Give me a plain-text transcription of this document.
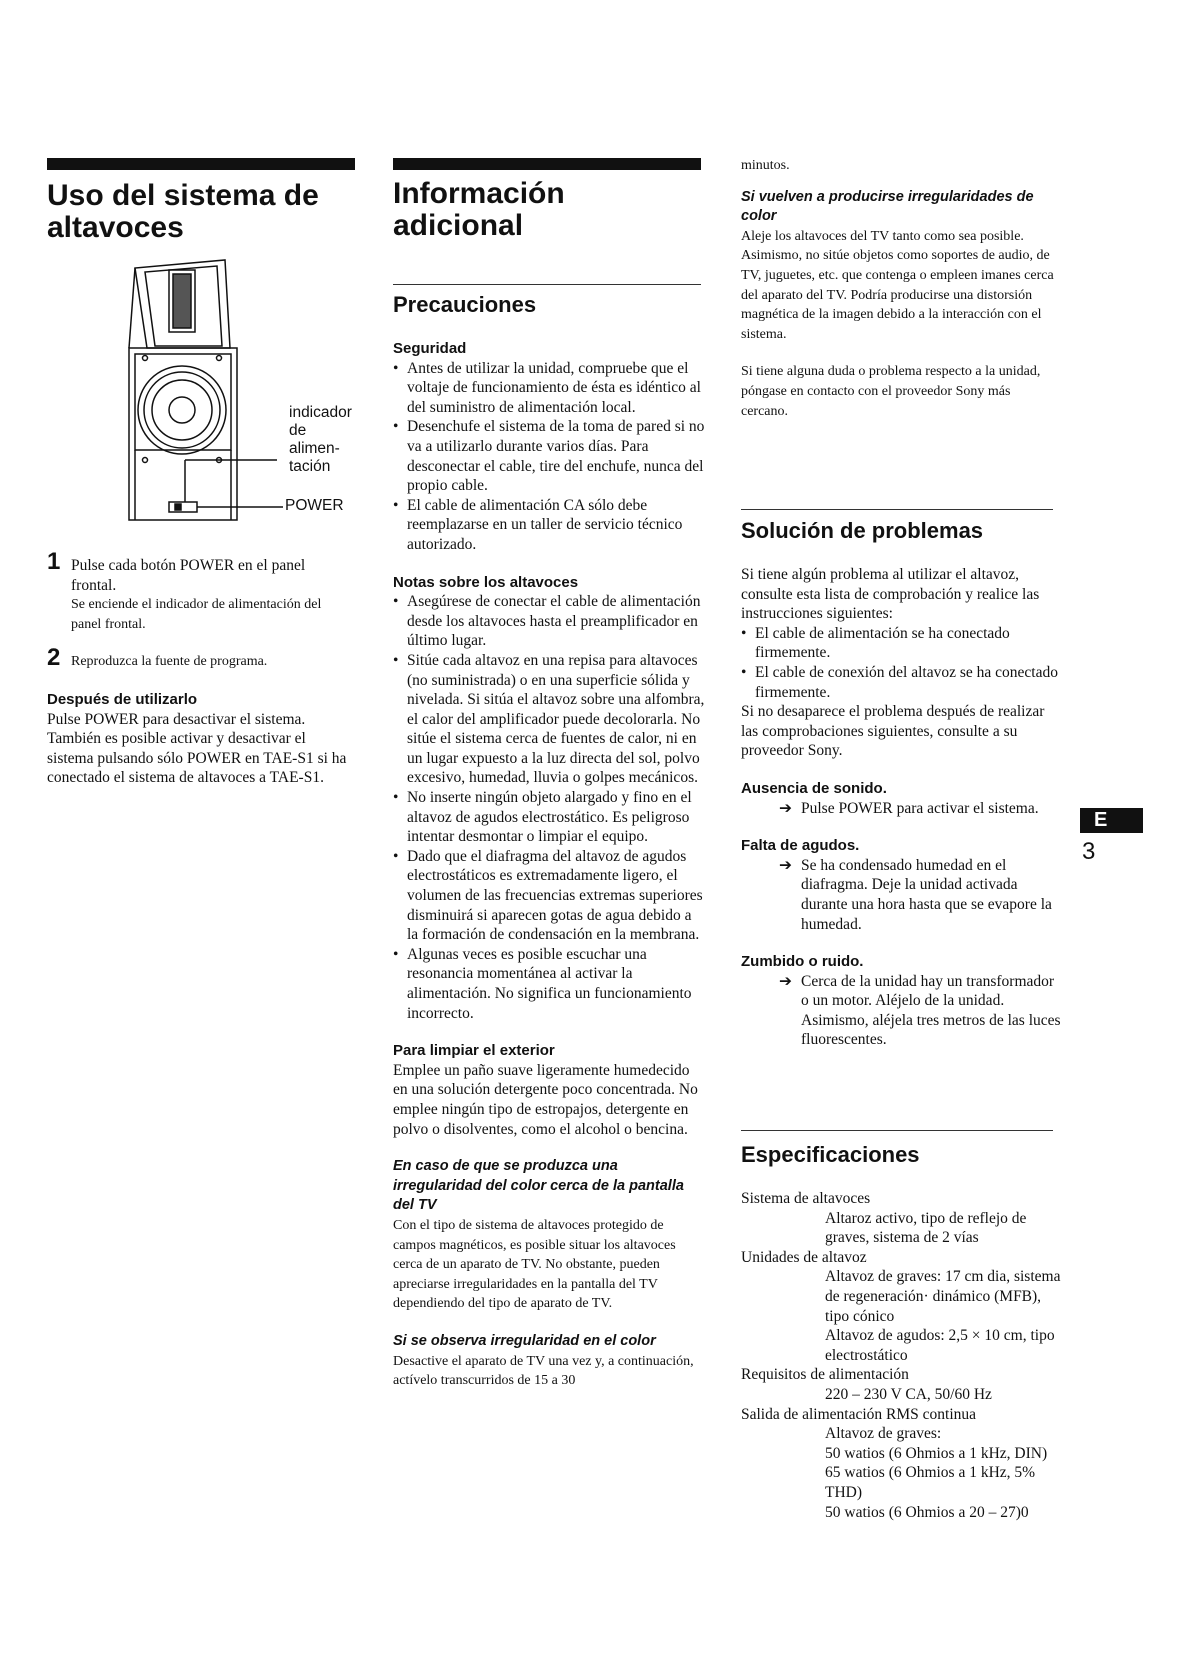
Uso del sistema de
altavoces
indicador
de
alimen-
tación
POWER
1 Pulse cada botón POWER en el panel frontal.

Se enciende el indicador de alimentación del panel frontal.

2 Reproduzca la fuente de programa.

Después de utilizarlo

Pulse POWER para desactivar el sistema. También es posible activar y desactivar el sistema pulsando sólo POWER en TAE-S1 si ha conectado el sistema de altavoces a TAE-S1.

Información
adicional
Precauciones

Seguridad

• Antes de utilizar la unidad, compruebe que el voltaje de funcionamiento de ésta es idéntico al del suministro de alimentación local.
• Desenchufe el sistema de la toma de pared si no va a utilizarlo durante varios días. Para desconectar el cable, tire del enchufe, nunca del propio cable.
• El cable de alimentación CA sólo debe reemplazarse en un taller de servicio técnico autorizado.

Notas sobre los altavoces

• Asegúrese de conectar el cable de alimentación desde los altavoces hasta el preamplificador en último lugar.
• Sitúe cada altavoz en una repisa para altavoces (no suministrada) o en una superficie sólida y nivelada. Si sitúa el altavoz sobre una alfombra, el calor del amplificador puede decolorarla. No sitúe el sistema cerca de fuentes de calor, ni en un lugar expuesto a la luz directa del sol, polvo excesivo, humedad, lluvia o golpes mecánicos.
• No inserte ningún objeto alargado y fino en el altavoz de agudos electrostático. Es peligroso intentar desmontar o limpiar el equipo.
• Dado que el diafragma del altavoz de agudos electrostáticos es extremadamente ligero, el volumen de las frecuencias extremas superiores disminuirá si aparecen gotas de agua debido a la formación de condensación en la membrana.
• Algunas veces es posible escuchar una resonancia momentánea al activar la alimentación. No significa un funcionamiento incorrecto.

Para limpiar el exterior

Emplee un paño suave ligeramente humedecido en una solución detergente poco concentrada. No emplee ningún tipo de estropajos, detergente en polvo o disolventes, como el alcohol o bencina.

En caso de que se produzca una irregularidad del color cerca de la pantalla del TV

Con el tipo de sistema de altavoces protegido de campos magnéticos, es posible situar los altavoces cerca de un aparato de TV. No obstante, pueden apreciarse irregularidades en la pantalla del TV dependiendo del tipo de aparato de TV.

Si se observa irregularidad en el color

Desactive el aparato de TV una vez y, a continuación, actívelo transcurridos de 15 a 30

minutos.

Si vuelven a producirse irregularidades de color

Aleje los altavoces del TV tanto como sea posible.

Asimismo, no sitúe objetos como soportes de audio, de TV, juguetes, etc. que contenga o empleen imanes cerca del aparato del TV. Podría producirse una distorsión magnética de la imagen debido a la interacción con el sistema.

Si tiene alguna duda o problema respecto a la unidad, póngase en contacto con el proveedor Sony más cercano.

Solución de problemas

Si tiene algún problema al utilizar el altavoz, consulte esta lista de comprobación y realice las instrucciones siguientes:

• El cable de alimentación se ha conectado firmemente.
• El cable de conexión del altavoz se ha conectado firmemente.

Si no desaparece el problema después de realizar las comprobaciones siguientes, consulte a su proveedor Sony.

Ausencia de sonido.

➔ Pulse POWER para activar el sistema.

Falta de agudos.

➔ Se ha condensado humedad en el diafragma. Deje la unidad activada durante una hora hasta que se evapore la humedad.

Zumbido o ruido.

➔ Cerca de la unidad hay un transformador o un motor. Aléjelo de la unidad. Asimismo, aléjela tres metros de las luces fluorescentes.
Especificaciones

Sistema de altavoces

Altaroz activo, tipo de reflejo de graves, sistema de 2 vías

Unidades de altavoz

Altavoz de graves: 17 cm dia, sistema de regeneración· dinámico (MFB), tipo cónico

Altavoz de agudos: 2,5 × 10 cm, tipo electrostático

Requisitos de alimentación

220 – 230 V CA, 50/60 Hz

Salida de alimentación RMS continua

Altavoz de graves:

50 watios (6 Ohmios a 1 kHz, DIN)

65 watios (6 Ohmios a 1 kHz, 5% THD)

50 watios (6 Ohmios a 20 – 27)0

E
3
